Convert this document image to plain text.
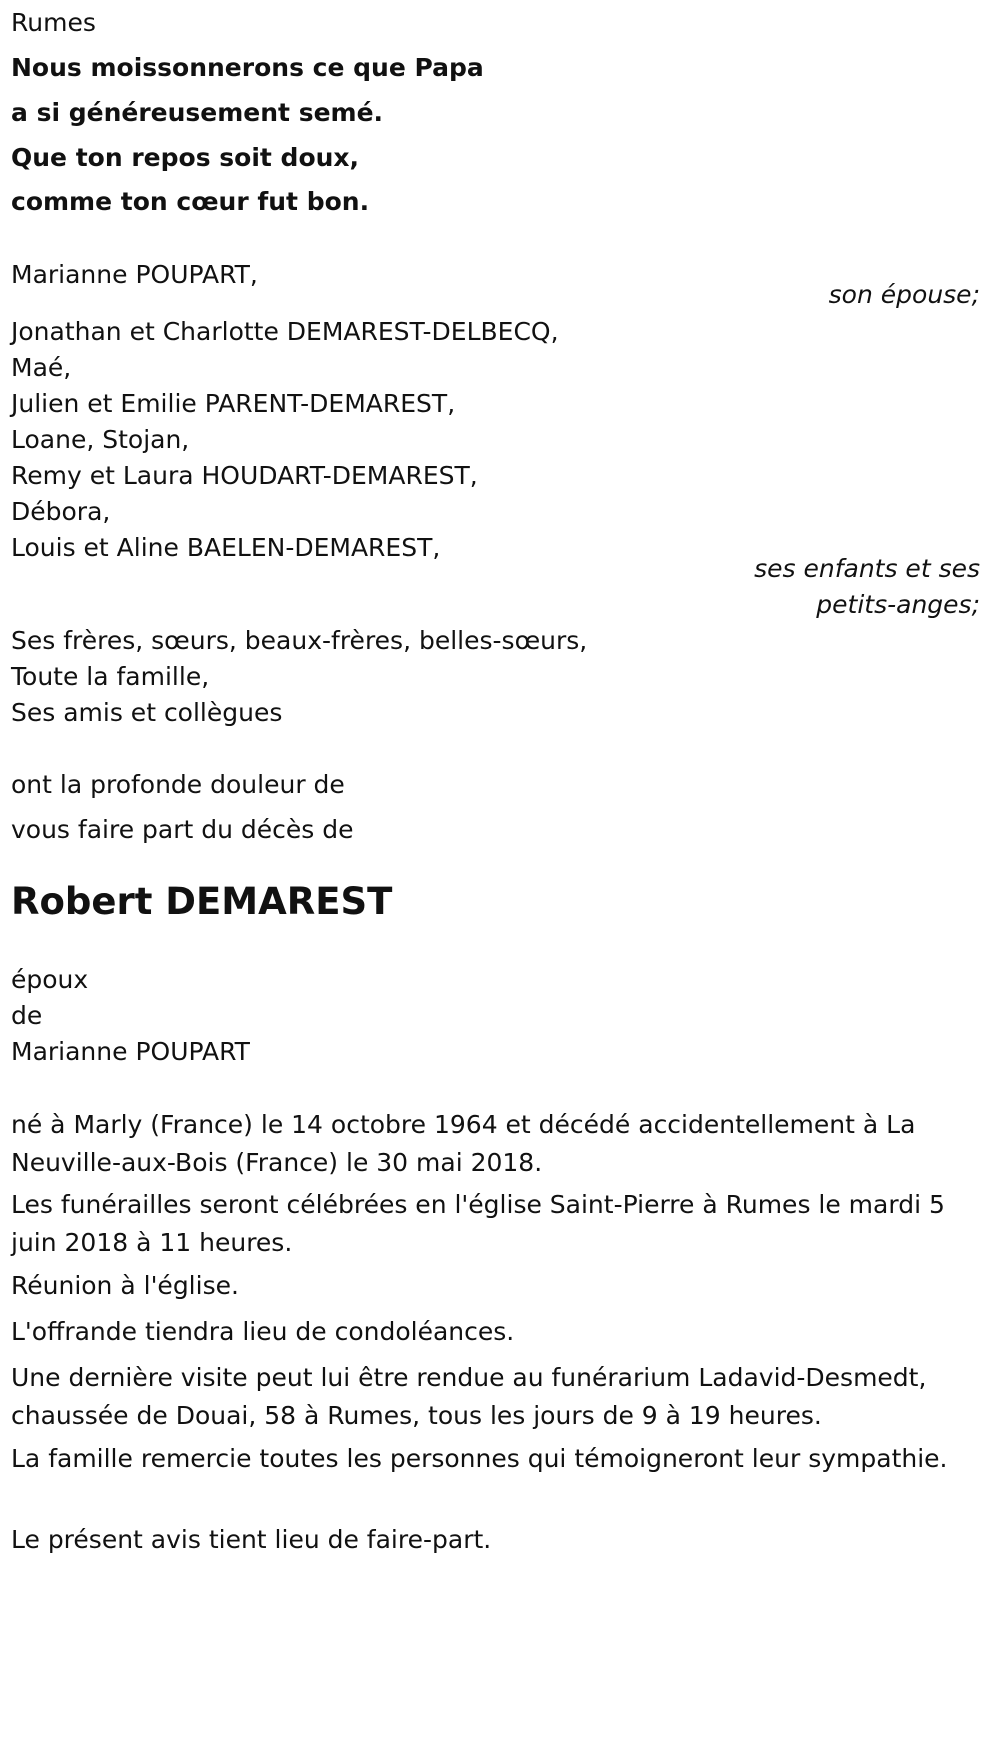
Rumes
Nous moissonnerons ce que Papa
a si généreusement semé.
Que ton repos soit doux,
comme ton cœur fut bon.
Marianne POUPART,
son épouse;
Jonathan et Charlotte DEMAREST-DELBECQ,
Maé,
Julien et Emilie PARENT-DEMAREST,
Loane, Stojan,
Remy et Laura HOUDART-DEMAREST,
Débora,
Louis et Aline BAELEN-DEMAREST,
ses enfants et ses
petits-anges;
Ses frères, sœurs, beaux-frères, belles-sœurs,
Toute la famille,
Ses amis et collègues
ont la profonde douleur de
vous faire part du décès de
Robert DEMAREST
époux
de
Marianne POUPART
né à Marly (France) le 14 octobre 1964 et décédé accidentellement à La Neuville-aux-Bois (France) le 30 mai 2018.
Les funérailles seront célébrées en l'église Saint-Pierre à Rumes le mardi 5 juin 2018 à 11 heures.
Réunion à l'église.
L'offrande tiendra lieu de condoléances.
Une dernière visite peut lui être rendue au funérarium Ladavid-Desmedt, chaussée de Douai, 58 à Rumes, tous les jours de 9 à 19 heures.
La famille remercie toutes les personnes qui témoigneront leur sympathie.
Le présent avis tient lieu de faire-part.
